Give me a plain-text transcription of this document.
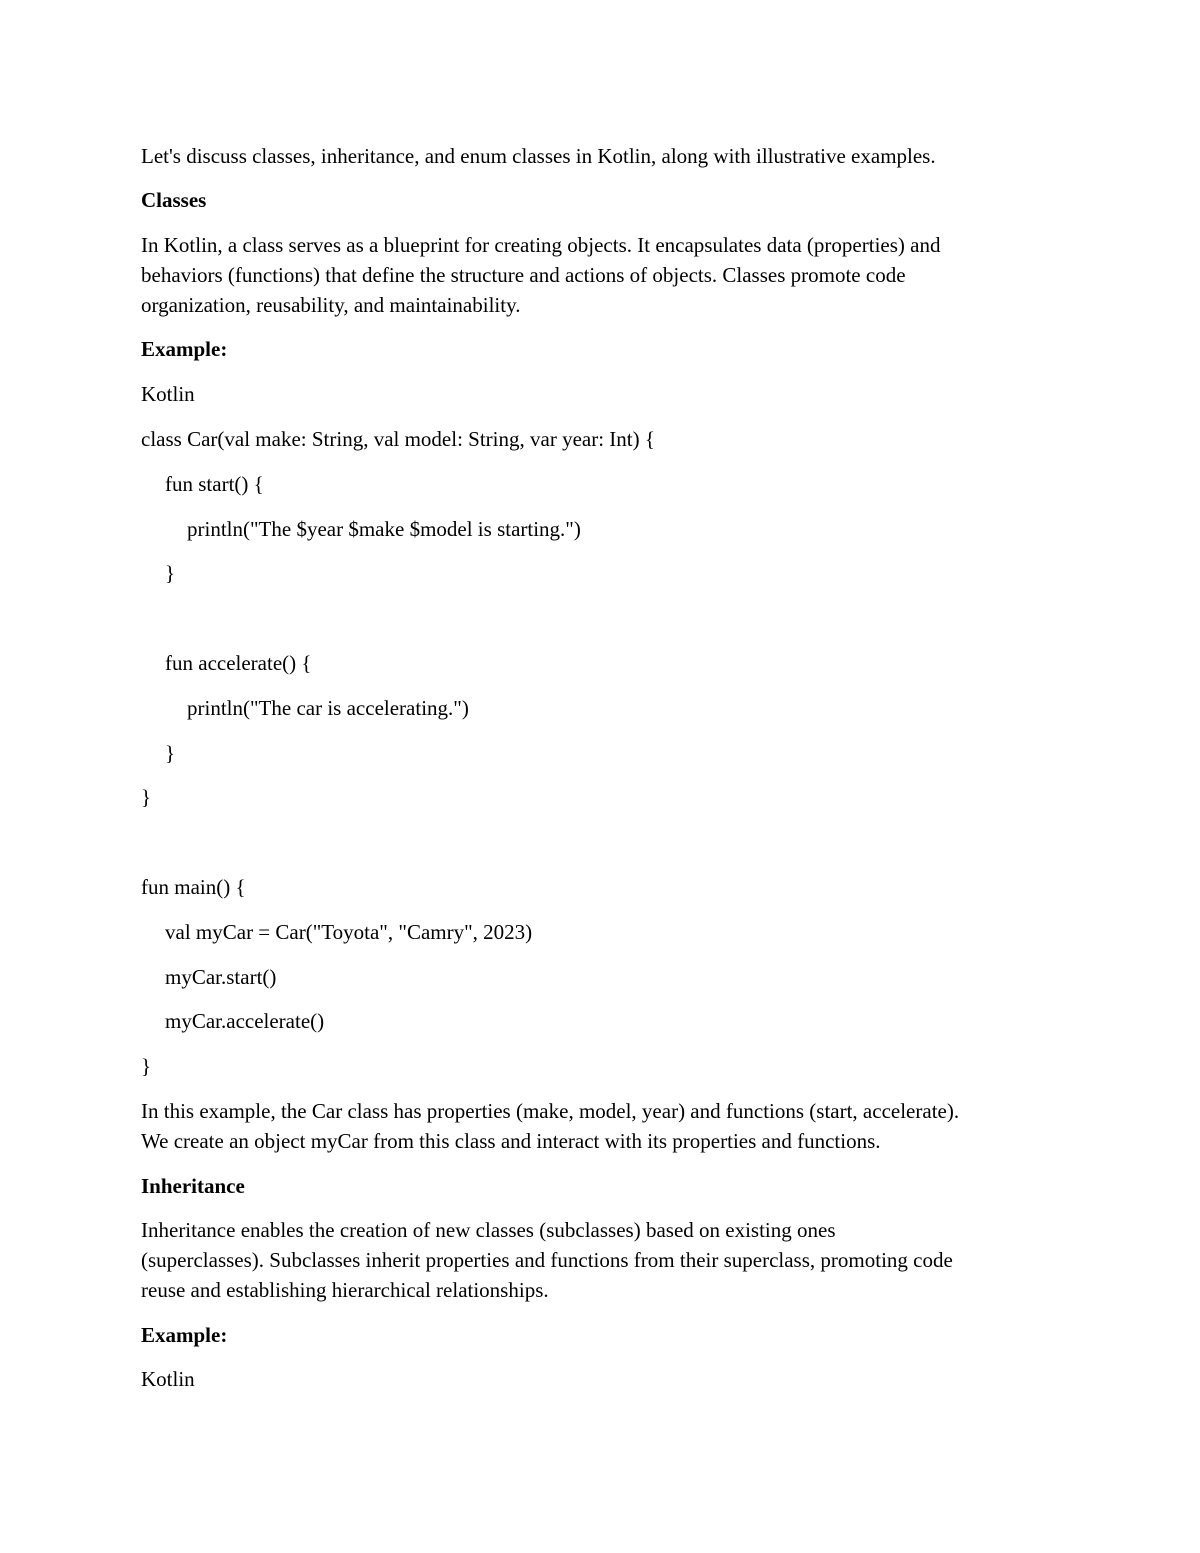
Let's discuss classes, inheritance, and enum classes in Kotlin, along with illustrative examples.

Classes

In Kotlin, a class serves as a blueprint for creating objects. It encapsulates data (properties) and

behaviors (functions) that define the structure and actions of objects. Classes promote code

organization, reusability, and maintainability.

Example:

Kotlin

class Car(val make: String, val model: String, var year: Int) {

fun start() {

println("The $year $make $model is starting.")

}

fun accelerate() {

println("The car is accelerating.")

}

}

fun main() {

val myCar = Car("Toyota", "Camry", 2023)

myCar.start()

myCar.accelerate()

}

In this example, the Car class has properties (make, model, year) and functions (start, accelerate).

We create an object myCar from this class and interact with its properties and functions.

Inheritance

Inheritance enables the creation of new classes (subclasses) based on existing ones

(superclasses). Subclasses inherit properties and functions from their superclass, promoting code

reuse and establishing hierarchical relationships.

Example:

Kotlin
